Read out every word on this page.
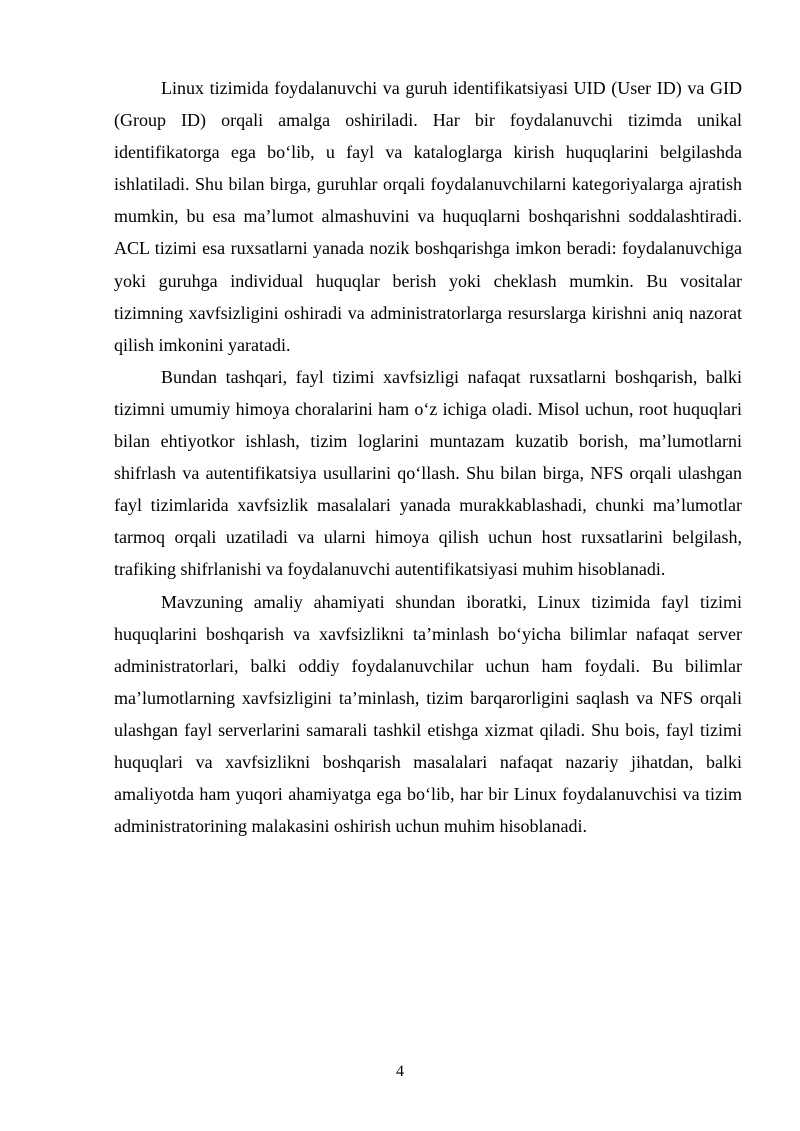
Linux tizimida foydalanuvchi va guruh identifikatsiyasi UID (User ID) va GID (Group ID) orqali amalga oshiriladi. Har bir foydalanuvchi tizimda unikal identifikatorga ega bo‘lib, u fayl va kataloglarga kirish huquqlarini belgilashda ishlatiladi. Shu bilan birga, guruhlar orqali foydalanuvchilarni kategoriyalarga ajratish mumkin, bu esa ma’lumot almashuvini va huquqlarni boshqarishni soddalashtiradi. ACL tizimi esa ruxsatlarni yanada nozik boshqarishga imkon beradi: foydalanuvchiga yoki guruhga individual huquqlar berish yoki cheklash mumkin. Bu vositalar tizimning xavfsizligini oshiradi va administratorlarga resurslarga kirishni aniq nazorat qilish imkonini yaratadi.

Bundan tashqari, fayl tizimi xavfsizligi nafaqat ruxsatlarni boshqarish, balki tizimni umumiy himoya choralarini ham o‘z ichiga oladi. Misol uchun, root huquqlari bilan ehtiyotkor ishlash, tizim loglarini muntazam kuzatib borish, ma’lumotlarni shifrlash va autentifikatsiya usullarini qo‘llash. Shu bilan birga, NFS orqali ulashgan fayl tizimlarida xavfsizlik masalalari yanada murakkablashadi, chunki ma’lumotlar tarmoq orqali uzatiladi va ularni himoya qilish uchun host ruxsatlarini belgilash, trafiking shifrlanishi va foydalanuvchi autentifikatsiyasi muhim hisoblanadi.

Mavzuning amaliy ahamiyati shundan iboratki, Linux tizimida fayl tizimi huquqlarini boshqarish va xavfsizlikni ta’minlash bo‘yicha bilimlar nafaqat server administratorlari, balki oddiy foydalanuvchilar uchun ham foydali. Bu bilimlar ma’lumotlarning xavfsizligini ta’minlash, tizim barqarorligini saqlash va NFS orqali ulashgan fayl serverlarini samarali tashkil etishga xizmat qiladi. Shu bois, fayl tizimi huquqlari va xavfsizlikni boshqarish masalalari nafaqat nazariy jihatdan, balki amaliyotda ham yuqori ahamiyatga ega bo‘lib, har bir Linux foydalanuvchisi va tizim administratorining malakasini oshirish uchun muhim hisoblanadi.

4
